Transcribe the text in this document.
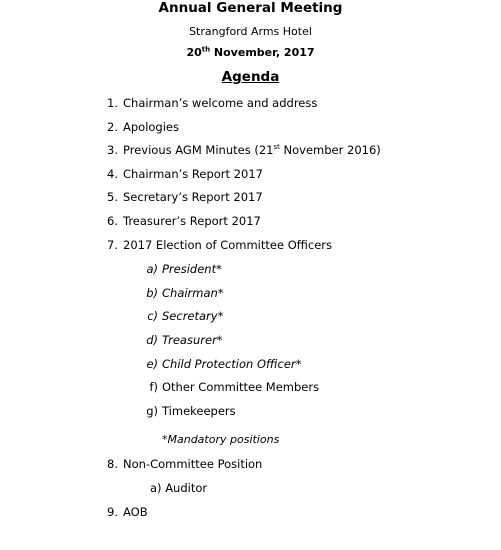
Annual General Meeting
Strangford Arms Hotel
20th November, 2017
Agenda
1. Chairman’s welcome and address
2. Apologies
3. Previous AGM Minutes (21st November 2016)
4. Chairman’s Report 2017
5. Secretary’s Report 2017
6. Treasurer’s Report 2017
7. 2017 Election of Committee Officers
a) President*
b) Chairman*
c) Secretary*
d) Treasurer*
e) Child Protection Officer*
f) Other Committee Members
g) Timekeepers
*Mandatory positions
8. Non-Committee Position
a) Auditor
9. AOB
